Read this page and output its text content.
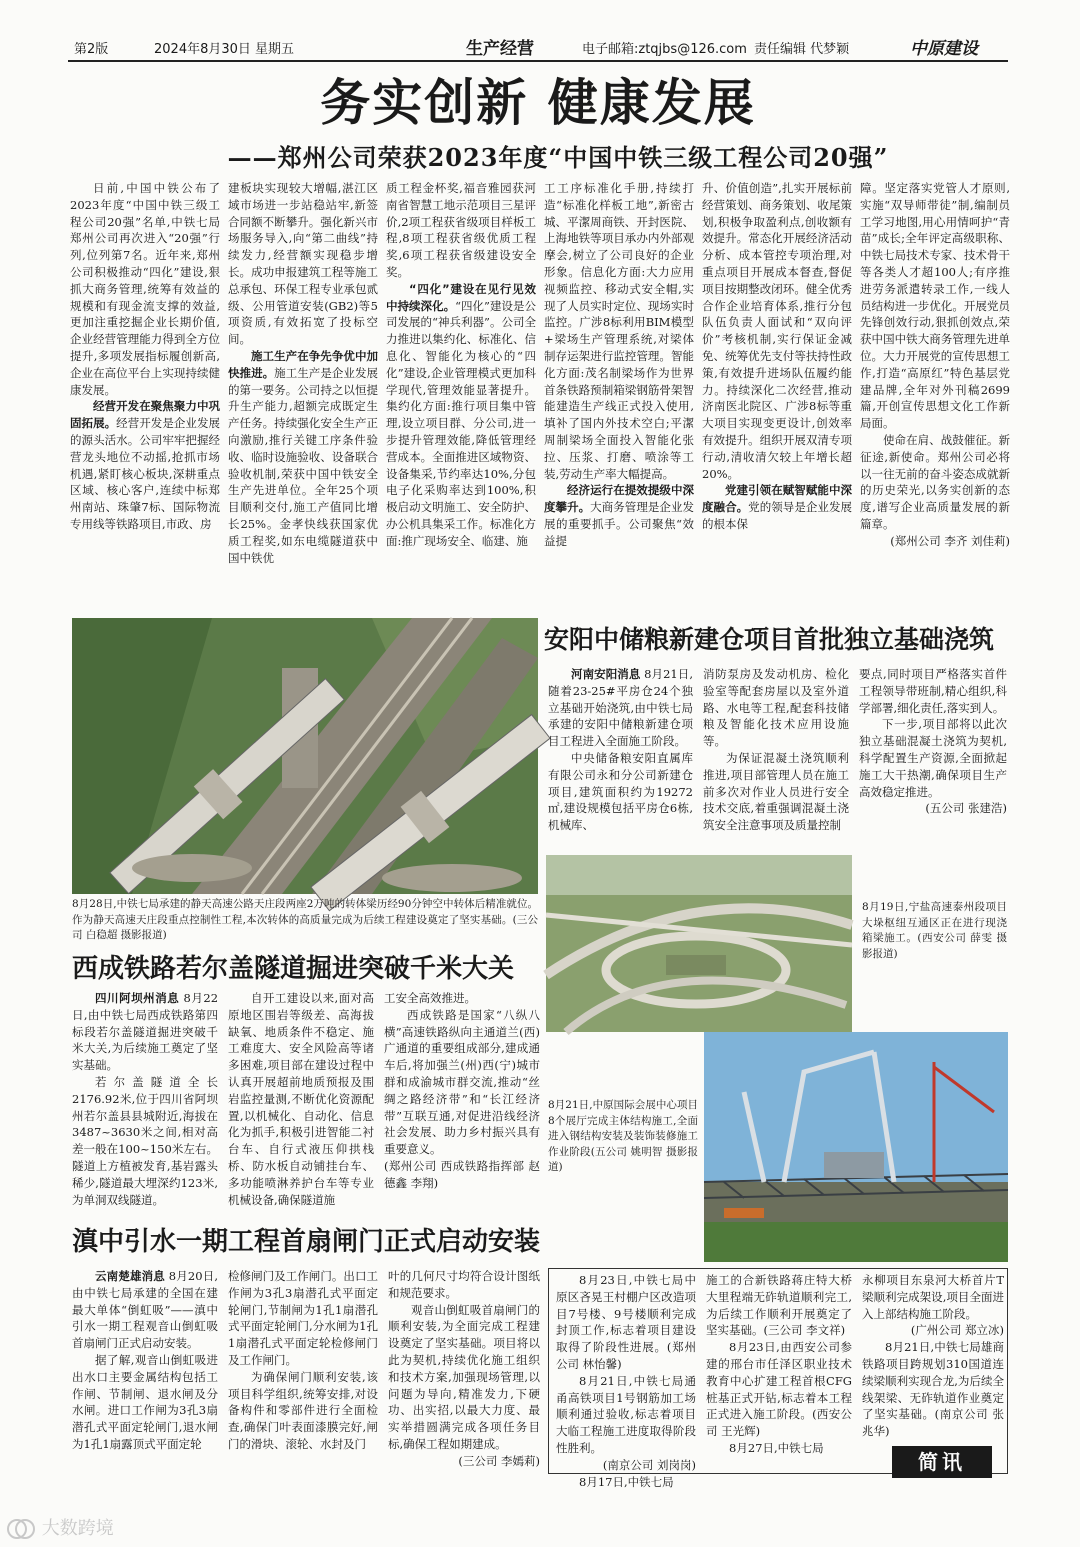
第2版	2024年8月30日 星期五	生产经营	电子邮箱:ztqjbs@126.com 责任编辑 代梦颖	中原建设
务实创新 健康发展
——郑州公司荣获2023年度“中国中铁三级工程公司20强”

日前,中国中铁公布了2023年度“中国中铁三级工程公司20强”名单,中铁七局郑州公司再次进入“20强”行列,位列第7名。近年来,郑州公司积极推动“四化”建设,狠抓大商务管理,统筹有效益的规模和有现金流支撑的效益,更加注重挖掘企业长期价值,企业经营管理能力得到全方位提升,多项发展指标履创新高,企业在高位平台上实现持续健康发展。

经营开发在聚焦聚力中巩固拓展。经营开发是企业发展的源头活水。公司牢牢把握经营龙头地位不动摇,抢抓市场机遇,紧盯核心板块,深耕重点区域、核心客户,连续中标郑州南站、珠肇7标、国际物流专用线等铁路项目,市政、房

建板块实现较大增幅,湛江区域市场进一步站稳站牢,新签合同额不断攀升。强化新兴市场服务导入,向“第二曲线”持续发力,经营额实现稳步增长。成功申报建筑工程等施工总承包、环保工程专业承包贰级、公用管道安装(GB2)等5项资质,有效拓宽了投标空间。

施工生产在争先争优中加快推进。施工生产是企业发展的第一要务。公司持之以恒提升生产能力,超额完成既定生产任务。持续强化安全生产正向激励,推行关键工序条件验收、临时设施验收、设备联合验收机制,荣获中国中铁安全生产先进单位。全年25个项目顺利交付,施工产值同比增长25%。金孝快线获国家优质工程奖,如东电缆隧道获中国中铁优

质工程金杯奖,福音雅园获河南省智慧工地示范项目三星评价,2项工程获省级项目样板工程,8项工程获省级优质工程奖,6项工程获省级建设安全奖。

“四化”建设在见行见效中持续深化。“四化”建设是公司发展的“神兵利器”。公司全力推进以集约化、标准化、信息化、智能化为核心的“四化”建设,企业管理模式更加科学现代,管理效能显著提升。集约化方面:推行项目集中管理,设立项目群、分公司,进一步提升管理效能,降低管理经营成本。全面推进区域物资、设备集采,节约率达10%,分包电子化采购率达到100%,积极启动文明施工、安全防护、办公机具集采工作。标准化方面:推广现场安全、临建、施

工工序标准化手册,持续打造“标准化样板工地”,新密古城、平潔周商铁、开封医院、上海地铁等项目承办内外部观摩会,树立了公司良好的企业形象。信息化方面:大力应用视频监控、移动式安全帽,实现了人员实时定位、现场实时监控。广涉8标利用BIM模型+梁场生产管理系统,对梁体制存运架进行监控管理。智能化方面:茂名制梁场作为世界首条铁路预制箱梁钢筋骨架智能建造生产线正式投入使用,填补了国内外技术空白;平潔周制梁场全面投入智能化张拉、压浆、打磨、喷涂等工装,劳动生产率大幅提高。

经济运行在提效提级中深度攀升。大商务管理是企业发展的重要抓手。公司聚焦“效益提

升、价值创造”,扎实开展标前经营策划、商务策划、收尾策划,积极争取盈利点,创收额有效提升。常态化开展经济活动分析、成本管控专项治理,对重点项目开展成本督查,督促项目按期整改闭环。健全优秀合作企业培育体系,推行分包队伍负责人面试和“双向评价”考核机制,实行保证金减免、统筹优先支付等扶持性政策,有效提升进场队伍履约能力。持续深化二次经营,推动济南医北院区、广涉8标等重大项目实现变更设计,创效率有效提升。组织开展双清专项行动,清收清欠较上年增长超20%。

党建引领在赋智赋能中深度融合。党的领导是企业发展的根本保

障。坚定落实党管人才原则,实施“双导师带徒”制,编制员工学习地图,用心用情呵护“青苗”成长;全年评定高级职称、中铁七局技术专家、技术骨干等各类人才超100人;有序推进劳务派遣转录工作,一线人员结构进一步优化。开展党员先锋创效行动,狠抓创效点,荣获中国中铁大商务管理先进单位。大力开展党的宣传思想工作,打造“高原红”特色基层党建品牌,全年对外刊稿2699篇,开创宣传思想文化工作新局面。

使命在肩、战鼓催征。新征途,新使命。郑州公司必将以一往无前的奋斗姿态成就新的历史荣光,以务实创新的态度,谱写企业高质量发展的新篇章。

(郑州公司 李齐 刘佳莉)

8月28日,中铁七局承建的静天高速公路天庄段两座2万吨的转体梁历经90分钟空中转体后精准就位。作为静天高速天庄段重点控制性工程,本次转体的高质量完成为后续工程建设奠定了坚实基础。(三公司 白稳超 摄影报道)
安阳中储粮新建仓项目首批独立基础浇筑

河南安阳消息 8月21日,随着23-25#平房仓24个独立基础开始浇筑,由中铁七局承建的安阳中储粮新建仓项目工程进入全面施工阶段。

中央储备粮安阳直属库有限公司永和分公司新建仓项目,建筑面积约为19272㎡,建设规模包括平房仓6栋,机械库、

消防泵房及发动机房、检化验室等配套房屋以及室外道路、水电等工程,配套科技储粮及智能化技术应用设施等。

为保证混凝土浇筑顺利推进,项目部管理人员在施工前多次对作业人员进行安全技术交底,着重强调混凝土浇筑安全注意事项及质量控制

要点,同时项目严格落实首件工程领导带班制,精心组织,科学部署,细化责任,落实到人。

下一步,项目部将以此次独立基础混凝土浇筑为契机,科学配置生产资源,全面掀起施工大干热潮,确保项目生产高效稳定推进。

(五公司 张建浩)

8月19日,宁盐高速泰州段项目大垛枢纽互通区正在进行现浇箱梁施工。(西安公司 薛雯 摄影报道)
西成铁路若尔盖隧道掘进突破千米大关

四川阿坝州消息 8月22日,由中铁七局西成铁路第四标段若尔盖隧道掘进突破千米大关,为后续施工奠定了坚实基础。

若尔盖隧道全长2176.92米,位于四川省阿坝州若尔盖县县城附近,海拔在3487~3630米之间,相对高差一般在100~150米左右。隧道上方植被发育,基岩露头稀少,隧道最大埋深约123米,为单洞双线隧道。

自开工建设以来,面对高原地区围岩等级差、高海拔缺氧、地质条件不稳定、施工难度大、安全风险高等诸多困难,项目部在建设过程中认真开展超前地质预报及围岩监控量测,不断优化资源配置,以机械化、自动化、信息化为抓手,积极引进智能二衬台车、自行式液压仰拱栈桥、防水板自动铺挂台车、多功能喷淋养护台车等专业机械设备,确保隧道施

工安全高效推进。

西成铁路是国家“八纵八横”高速铁路纵向主通道兰(西)广通道的重要组成部分,建成通车后,将加强兰(州)西(宁)城市群和成渝城市群交流,推动“丝绸之路经济带”和“长江经济带”互联互通,对促进沿线经济社会发展、助力乡村振兴具有重要意义。

(郑州公司 西成铁路指挥部 赵德鑫 李翔)

8月21日,中原国际会展中心项目8个展厅完成主体结构施工,全面进入钢结构安装及装饰装修施工作业阶段(五公司 姚明智 摄影报道)
滇中引水一期工程首扇闸门正式启动安装

云南楚雄消息 8月20日,由中铁七局承建的全国在建最大单体“倒虹吸”——滇中引水一期工程观音山倒虹吸首扇闸门正式启动安装。

据了解,观音山倒虹吸进出水口主要金属结构包括工作闸、节制闸、退水闸及分水闸。进口工作闸为3孔3扇潜孔式平面定轮闸门,退水闸为1孔1扇露顶式平面定轮

检修闸门及工作闸门。出口工作闸为3孔3扇潜孔式平面定轮闸门,节制闸为1孔1扇潜孔式平面定轮闸门,分水闸为1孔1扇潜孔式平面定轮检修闸门及工作闸门。

为确保闸门顺利安装,该项目科学组织,统筹安排,对设备构件和零部件进行全面检查,确保门叶表面漆膜完好,闸门的滑块、滚轮、水封及门

叶的几何尺寸均符合设计图纸和规范要求。

观音山倒虹吸首扇闸门的顺利安装,为全面完成工程建设奠定了坚实基础。项目将以此为契机,持续优化施工组织和技术方案,加强现场管理,以问题为导向,精准发力,下硬功、出实招,以最大力度、最实举措圆满完成各项任务目标,确保工程如期建成。

(三公司 李嫣莉)

8月23日,中铁七局中原区吝晃王村棚户区改造项目7号楼、9号楼顺利完成封顶工作,标志着项目建设取得了阶段性进展。(郑州公司 林怡馨)

8月21日,中铁七局通甬高铁项目1号钢筋加工场顺利通过验收,标志着项目大临工程施工进度取得阶段性胜利。

(南京公司 刘岗岗)

8月17日,中铁七局

施工的合新铁路蒋庄特大桥大里程端无砟轨道顺利完工,为后续工作顺利开展奠定了坚实基础。(三公司 李文祥)

8月23日,由西安公司参建的邢台市任泽区职业技术教育中心扩建工程首根CFG桩基正式开钻,标志着本工程正式进入施工阶段。(西安公司 王光辉)

8月27日,中铁七局

永柳项目东泉河大桥首片T梁顺利完成架设,项目全面进入上部结构施工阶段。

(广州公司 郑立冰)

8月21日,中铁七局雄商铁路项目跨规划310国道连续梁顺利实现合龙,为后续全线架梁、无砟轨道作业奠定了坚实基础。(南京公司 张兆华)

简讯
大数跨境
